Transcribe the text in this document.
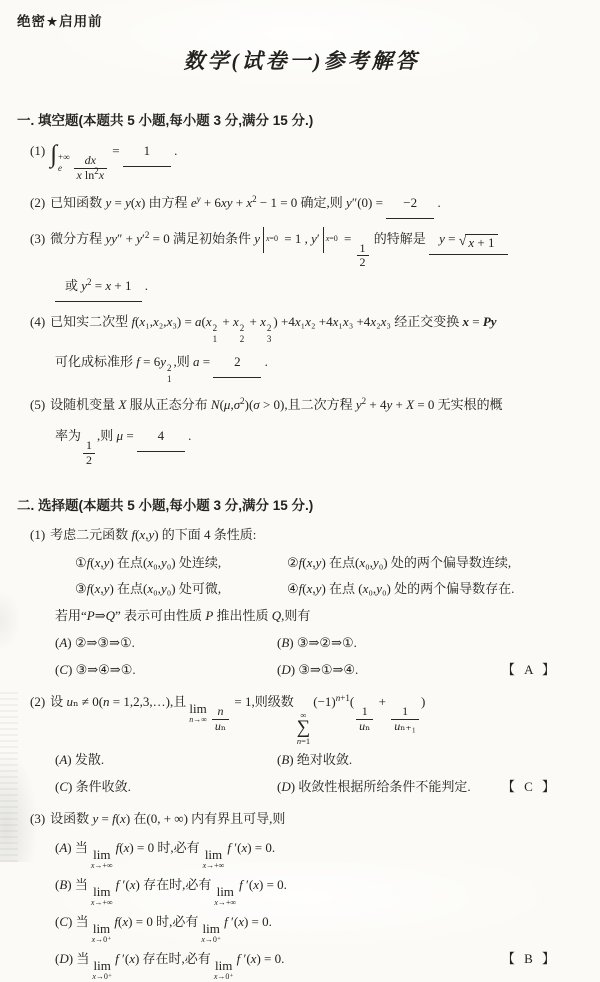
绝密★启用前
数学(试卷一)参考解答
一. 填空题(本题共 5 小题,每小题 3 分,满分 15 分.)
(1) ∫ +∞
e $\frac{dx}{x \ln^2x}$
= 1 .
(2) 已知函数 y = y(x) 由方程 $e^y + 6xy + x^2 - 1 = 0$ 确定,则 y″(0) = −2 .
(3) 微分方程 $yy'' + y'^2 = 0$ 满足初始条件 y x=0 = 1 , y′ x=0 =
$\frac{1}{2}$
的特解是 y = √ x + 1
或 $y^2 = x + 1$ .
(4) 已知实二次型 f(x₁,x₂,x₃) = a(x 2
1
+ x 2
2
+ x 2
3
) +4x₁x₂ +4x₁x₃ +4x₂x₃ 经正交变换 x = Py
可化成标准形 f = 6y 2
1
,则 a = 2 .
(5) 设随机变量 X 服从正态分布 $N(\mu,\sigma^2)(\sigma > 0)$,且二次方程 $y^2 + 4y + X = 0$ 无实根的概
率为
$\frac{1}{2}$
,则 μ = 4 .
二. 选择题(本题共 5 小题,每小题 3 分,满分 15 分.)
(1) 考虑二元函数 f(x,y) 的下面 4 条性质:
①f(x,y) 在点(x₀,y₀) 处连续,	②f(x,y) 在点(x₀,y₀) 处的两个偏导数连续,
③f(x,y) 在点(x₀,y₀) 处可微,	④f(x,y) 在点 (x₀,y₀) 处的两个偏导数存在.
若用“P⇒Q” 表示可由性质 P 推出性质 Q,则有
(A) ②⇒③⇒①.	(B) ③⇒②⇒①.
(C) ③⇒④⇒①.	(D) ③⇒①⇒④.	【 A 】
(2) 设 uₙ ≠ 0(n = 1,2,3,…),且 lim
$n\to\infty \frac{n}{\text{uₙ}}$
= 1,则级数
∞
∑
n=1
$(-1)^{n+1}$(
$\frac{1}{\text{uₙ}}$
+
$\frac{1}{\text{uₙ₊₁}}$
)
(A) 发散.	(B) 绝对收敛.
(C) 条件收敛.	(D) 收敛性根据所给条件不能判定. 【 C 】
(3) 设函数 y = f(x) 在(0, + ∞) 内有界且可导,则
(A) 当 lim
x→+∞
f(x) = 0 时,必有 lim
x→+∞
f ′(x) = 0.
(B) 当 lim
x→+∞
f ′(x) 存在时,必有 lim
x→+∞
f ′(x) = 0.
(C) 当 lim
x→0⁺
f(x) = 0 时,必有 lim
x→0⁺
f ′(x) = 0.
(D) 当 lim
x→0⁺
f ′(x) 存在时,必有 lim
x→0⁺
f ′(x) = 0.	【 B 】
